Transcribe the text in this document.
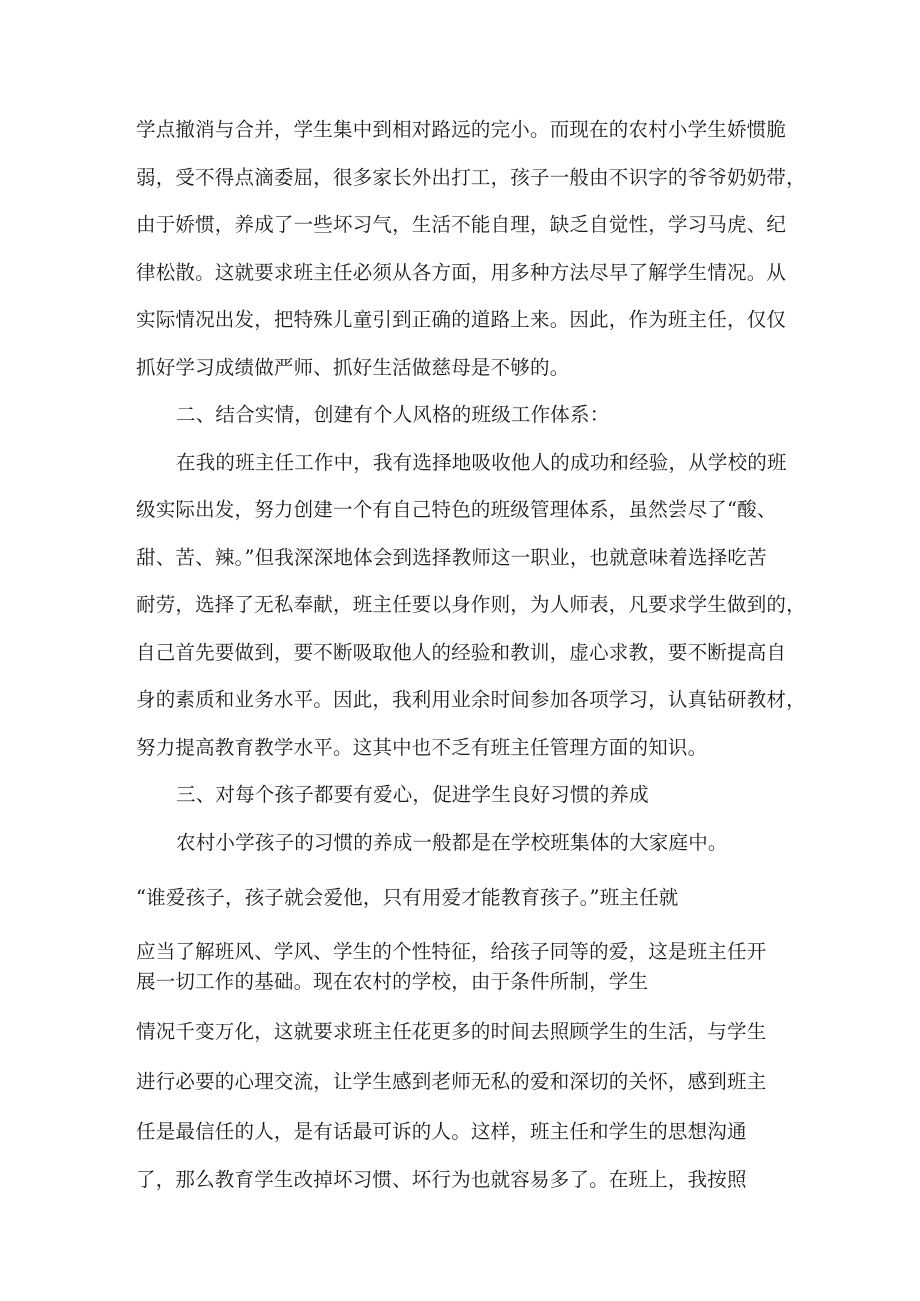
学点撤消与合并，学生集中到相对路远的完小。而现在的农村小学生娇惯脆
弱，受不得点滴委屈，很多家长外出打工，孩子一般由不识字的爷爷奶奶带，
由于娇惯，养成了一些坏习气，生活不能自理，缺乏自觉性，学习马虎、纪
律松散。这就要求班主任必须从各方面，用多种方法尽早了解学生情况。从
实际情况出发，把特殊儿童引到正确的道路上来。因此，作为班主任，仅仅
抓好学习成绩做严师、抓好生活做慈母是不够的。
二、结合实情，创建有个人风格的班级工作体系：
在我的班主任工作中，我有选择地吸收他人的成功和经验，从学校的班
级实际出发，努力创建一个有自己特色的班级管理体系，虽然尝尽了“酸、
甜、苦、辣。”但我深深地体会到选择教师这一职业，也就意味着选择吃苦
耐劳，选择了无私奉献，班主任要以身作则，为人师表，凡要求学生做到的，
自己首先要做到，要不断吸取他人的经验和教训，虚心求教，要不断提高自
身的素质和业务水平。因此，我利用业余时间参加各项学习，认真钻研教材，
努力提高教育教学水平。这其中也不乏有班主任管理方面的知识。
三、对每个孩子都要有爱心，促进学生良好习惯的养成
农村小学孩子的习惯的养成一般都是在学校班集体的大家庭中。
“谁爱孩子，孩子就会爱他，只有用爱才能教育孩子。”班主任就
应当了解班风、学风、学生的个性特征，给孩子同等的爱，这是班主任开
展一切工作的基础。现在农村的学校，由于条件所制，学生
情况千变万化，这就要求班主任花更多的时间去照顾学生的生活，与学生
进行必要的心理交流，让学生感到老师无私的爱和深切的关怀，感到班主
任是最信任的人，是有话最可诉的人。这样，班主任和学生的思想沟通
了，那么教育学生改掉坏习惯、坏行为也就容易多了。在班上，我按照
